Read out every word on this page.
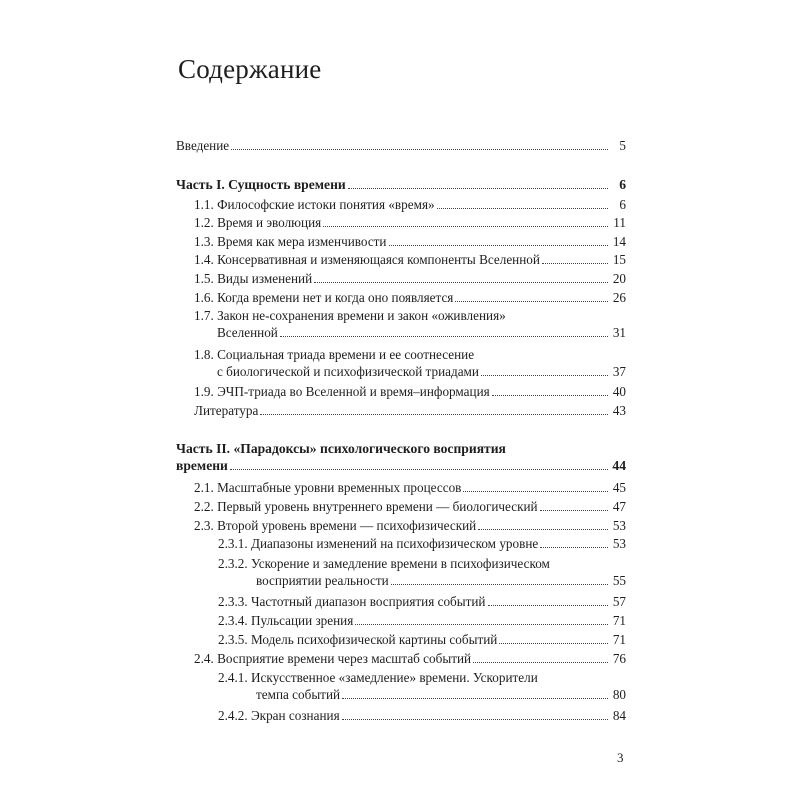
Содержание
Введение	5
Часть I. Сущность времени	6
1.1. Философские истоки понятия «время»	6
1.2. Время и эволюция	11
1.3. Время как мера изменчивости	14
1.4. Консервативная и изменяющаяся компоненты Вселенной	15
1.5. Виды изменений	20
1.6. Когда времени нет и когда оно появляется	26
1.7. Закон не-сохранения времени и закон «оживления»
Вселенной	31
1.8. Социальная триада времени и ее соотнесение
с биологической и психофизической триадами	37
1.9. ЭЧП-триада во Вселенной и время–информация	40
Литература	43
Часть II. «Парадоксы» психологического восприятия
времени	44
2.1. Масштабные уровни временных процессов	45
2.2. Первый уровень внутреннего времени — биологический	47
2.3. Второй уровень времени — психофизический	53
2.3.1. Диапазоны изменений на психофизическом уровне	53
2.3.2. Ускорение и замедление времени в психофизическом
восприятии реальности	55
2.3.3. Частотный диапазон восприятия событий	57
2.3.4. Пульсации зрения	71
2.3.5. Модель психофизической картины событий	71
2.4. Восприятие времени через масштаб событий	76
2.4.1. Искусственное «замедление» времени. Ускорители
темпа событий	80
2.4.2. Экран сознания	84
3
